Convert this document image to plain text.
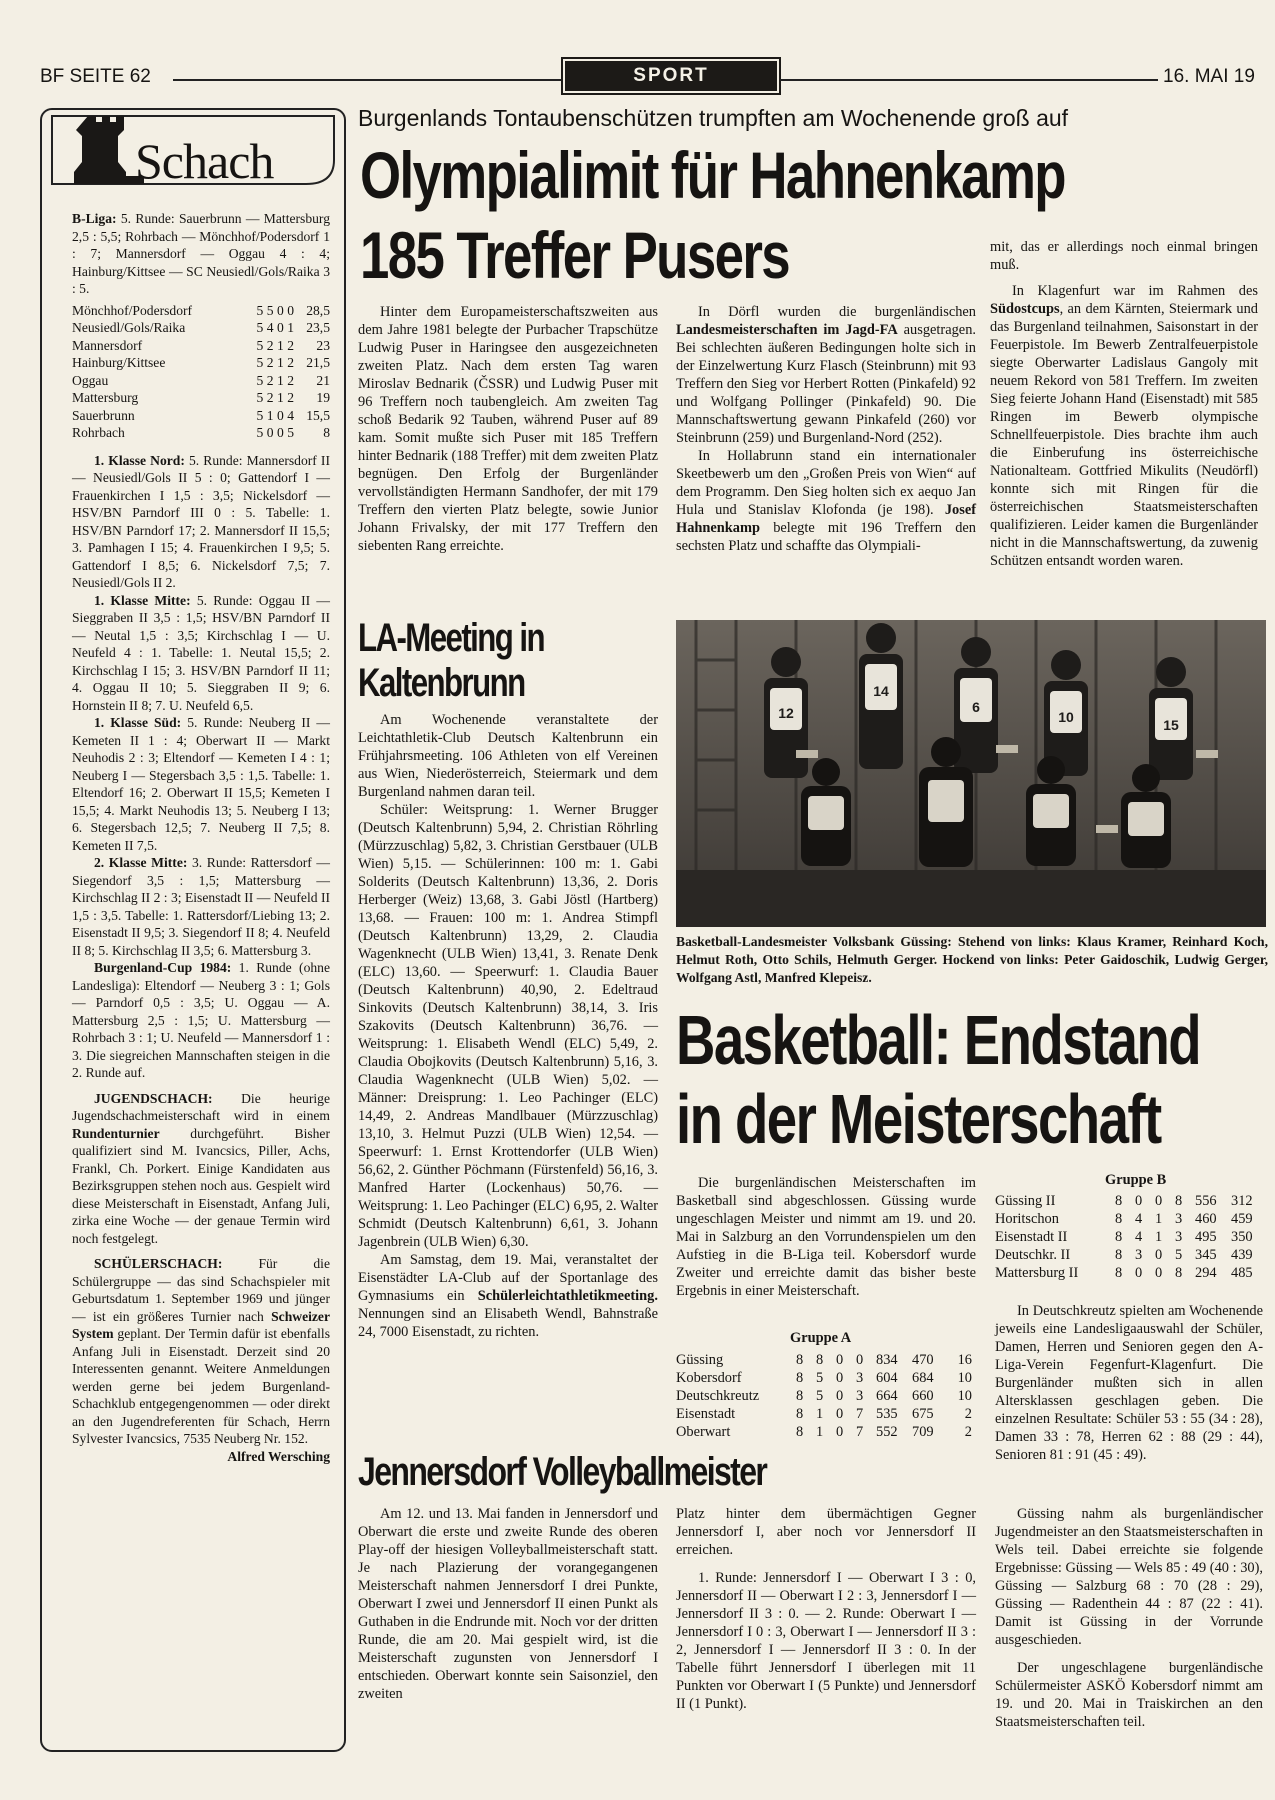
BF SEITE 62	SPORT	16. MAI 19
Schach

B-Liga: 5. Runde: Sauerbrunn — Mattersburg 2,5 : 5,5; Rohrbach — Mönchhof/Podersdorf 1 : 7; Mannersdorf — Oggau 4 : 4; Hainburg/Kittsee — SC Neusiedl/Gols/Raika 3 : 5.

Mönchhof/Podersdorf	5	5	0	0	28,5
Neusiedl/Gols/Raika	5	4	0	1	23,5
Mannersdorf	5	2	1	2	23
Hainburg/Kittsee	5	2	1	2	21,5
Oggau	5	2	1	2	21
Mattersburg	5	2	1	2	19
Sauerbrunn	5	1	0	4	15,5
Rohrbach	5	0	0	5	8

1. Klasse Nord: 5. Runde: Mannersdorf II — Neusiedl/Gols II 5 : 0; Gattendorf I — Frauenkirchen I 1,5 : 3,5; Nickelsdorf — HSV/BN Parndorf III 0 : 5. Tabelle: 1. HSV/BN Parndorf 17; 2. Mannersdorf II 15,5; 3. Pamhagen I 15; 4. Frauenkirchen I 9,5; 5. Gattendorf I 8,5; 6. Nickelsdorf 7,5; 7. Neusiedl/Gols II 2.

1. Klasse Mitte: 5. Runde: Oggau II — Sieggraben II 3,5 : 1,5; HSV/BN Parndorf II — Neutal 1,5 : 3,5; Kirchschlag I — U. Neufeld 4 : 1. Tabelle: 1. Neutal 15,5; 2. Kirchschlag I 15; 3. HSV/BN Parndorf II 11; 4. Oggau II 10; 5. Sieggraben II 9; 6. Hornstein II 8; 7. U. Neufeld 6,5.

1. Klasse Süd: 5. Runde: Neuberg II — Kemeten II 1 : 4; Oberwart II — Markt Neuhodis 2 : 3; Eltendorf — Kemeten I 4 : 1; Neuberg I — Stegersbach 3,5 : 1,5. Tabelle: 1. Eltendorf 16; 2. Oberwart II 15,5; Kemeten I 15,5; 4. Markt Neuhodis 13; 5. Neuberg I 13; 6. Stegersbach 12,5; 7. Neuberg II 7,5; 8. Kemeten II 7,5.

2. Klasse Mitte: 3. Runde: Rattersdorf — Siegendorf 3,5 : 1,5; Mattersburg — Kirchschlag II 2 : 3; Eisenstadt II — Neufeld II 1,5 : 3,5. Tabelle: 1. Rattersdorf/Liebing 13; 2. Eisenstadt II 9,5; 3. Siegendorf II 8; 4. Neufeld II 8; 5. Kirchschlag II 3,5; 6. Mattersburg 3.

Burgenland-Cup 1984: 1. Runde (ohne Landesliga): Eltendorf — Neuberg 3 : 1; Gols — Parndorf 0,5 : 3,5; U. Oggau — A. Mattersburg 2,5 : 1,5; U. Mattersburg — Rohrbach 3 : 1; U. Neufeld — Mannersdorf 1 : 3. Die siegreichen Mannschaften steigen in die 2. Runde auf.

JUGENDSCHACH: Die heurige Jugendschachmeisterschaft wird in einem Rundenturnier durchgeführt. Bisher qualifiziert sind M. Ivancsics, Piller, Achs, Frankl, Ch. Porkert. Einige Kandidaten aus Bezirksgruppen stehen noch aus. Gespielt wird diese Meisterschaft in Eisenstadt, Anfang Juli, zirka eine Woche — der genaue Termin wird noch festgelegt.

SCHÜLERSCHACH:	Für die Schülergruppe — das sind Schachspieler mit Geburtsdatum 1. September 1969 und jünger — ist ein größeres Turnier nach Schweizer System geplant. Der Termin dafür ist ebenfalls Anfang Juli in Eisenstadt. Derzeit sind 20 Interessenten genannt. Weitere Anmeldungen werden gerne bei jedem Burgenland-Schachklub entgegengenommen — oder direkt an den Jugendreferenten für Schach, Herrn Sylvester Ivancsics, 7535 Neuberg Nr. 152.

Alfred Wersching

Burgenlands Tontaubenschützen trumpften am Wochenende groß auf
Olympialimit für Hahnenkamp
185 Treffer Pusers

Hinter dem Europameisterschaftszweiten aus dem Jahre 1981 belegte der Purbacher Trapschütze Ludwig Puser in Haringsee den ausgezeichneten zweiten Platz. Nach dem ersten Tag waren Miroslav Bednarik (ČSSR) und Ludwig Puser mit 96 Treffern noch taubengleich. Am zweiten Tag schoß Bedarik 92 Tauben, während Puser auf 89 kam. Somit mußte sich Puser mit 185 Treffern hinter Bednarik (188 Treffer) mit dem zweiten Platz begnügen. Den Erfolg der Burgenländer vervollständigten Hermann Sandhofer, der mit 179 Treffern den vierten Platz belegte, sowie Junior Johann Frivalsky, der mit 177 Treffern den siebenten Rang erreichte.

In Dörfl wurden die burgenländischen Landesmeisterschaften im Jagd-FA ausgetragen. Bei schlechten äußeren Bedingungen holte sich in der Einzelwertung Kurz Flasch (Steinbrunn) mit 93 Treffern den Sieg vor Herbert Rotten (Pinkafeld) 92 und Wolfgang Pollinger (Pinkafeld) 90. Die Mannschaftswertung gewann Pinkafeld (260) vor Steinbrunn (259) und Burgenland-Nord (252).

In Hollabrunn stand ein internationaler Skeetbewerb um den „Großen Preis von Wien“ auf dem Programm. Den Sieg holten sich ex aequo Jan Hula und Stanislav Klofonda (je 198). Josef Hahnenkamp belegte mit 196 Treffern den sechsten Platz und schaffte das Olympiali-

mit, das er allerdings noch einmal bringen muß.

In Klagenfurt war im Rahmen des Südostcups, an dem Kärnten, Steiermark und das Burgenland teilnahmen, Saisonstart in der Feuerpistole. Im Bewerb Zentralfeuerpistole siegte Oberwarter Ladislaus Gangoly mit neuem Rekord von 581 Treffern. Im zweiten Sieg feierte Johann Hand (Eisenstadt) mit 585 Ringen im Bewerb olympische Schnellfeuerpistole. Dies brachte ihm auch die Einberufung ins österreichische Nationalteam. Gottfried Mikulits (Neudörfl) konnte sich mit Ringen für die österreichischen Staatsmeisterschaften qualifizieren. Leider kamen die Burgenländer nicht in die Mannschaftswertung, da zuwenig Schützen entsandt worden waren.

LA-Meeting in
Kaltenbrunn

Am Wochenende veranstaltete der Leichtathletik-Club Deutsch Kaltenbrunn ein Frühjahrsmeeting. 106 Athleten von elf Vereinen aus Wien, Niederösterreich, Steiermark und dem Burgenland nahmen daran teil.

Schüler: Weitsprung: 1. Werner Brugger (Deutsch Kaltenbrunn) 5,94, 2. Christian Röhrling (Mürzzuschlag) 5,82, 3. Christian Gerstbauer (ULB Wien) 5,15. — Schülerinnen: 100 m: 1. Gabi Solderits (Deutsch Kaltenbrunn) 13,36, 2. Doris Herberger (Weiz) 13,68, 3. Gabi Jöstl (Hartberg) 13,68. — Frauen: 100 m: 1. Andrea Stimpfl (Deutsch Kaltenbrunn) 13,29, 2. Claudia Wagenknecht (ULB Wien) 13,41, 3. Renate Denk (ELC) 13,60. — Speerwurf: 1. Claudia Bauer (Deutsch Kaltenbrunn) 40,90, 2. Edeltraud Sinkovits (Deutsch Kaltenbrunn) 38,14, 3. Iris Szakovits (Deutsch Kaltenbrunn) 36,76. — Weitsprung: 1. Elisabeth Wendl (ELC) 5,49, 2. Claudia Obojkovits (Deutsch Kaltenbrunn) 5,16, 3. Claudia Wagenknecht (ULB Wien) 5,02. — Männer: Dreisprung: 1. Leo Pachinger (ELC) 14,49, 2. Andreas Mandlbauer (Mürzzuschlag) 13,10, 3. Helmut Puzzi (ULB Wien) 12,54. — Speerwurf: 1. Ernst Krottendorfer (ULB Wien) 56,62, 2. Günther Pöchmann (Fürstenfeld) 56,16, 3. Manfred Harter (Lockenhaus) 50,76. — Weitsprung: 1. Leo Pachinger (ELC) 6,95, 2. Walter Schmidt (Deutsch Kaltenbrunn) 6,61, 3. Johann Jagenbrein (ULB Wien) 6,30.

Am Samstag, dem 19. Mai, veranstaltet der Eisenstädter LA-Club auf der Sportanlage des Gymnasiums ein Schülerleichtathletikmeeting. Nennungen sind an Elisabeth Wendl, Bahnstraße 24, 7000 Eisenstadt, zu richten.

12
14
6
10	15
Basketball-Landesmeister Volksbank Güssing: Stehend von links: Klaus Kramer, Reinhard Koch, Helmut Roth, Otto Schils, Helmuth Gerger. Hockend von links: Peter Gaidoschik, Ludwig Gerger, Wolfgang Astl, Manfred Klepeisz.
Basketball: Endstand
in der Meisterschaft

Die burgenländischen Meisterschaften im Basketball sind abgeschlossen. Güssing wurde ungeschlagen Meister und nimmt am 19. und 20. Mai in Salzburg an den Vorrundenspielen um den Aufstieg in die B-Liga teil. Kobersdorf wurde Zweiter und erreichte damit das bisher beste Ergebnis in einer Meisterschaft.

Gruppe A
Güssing	8	8	0	0	834	470	16
Kobersdorf	8	5	0	3	604	684	10
Deutschkreutz	8	5	0	3	664	660	10
Eisenstadt	8	1	0	7	535	675	2
Oberwart	8	1	0	7	552	709	2
Gruppe B
Güssing II	8	0	0	8	556	312
Horitschon	8	4	1	3	460	459
Eisenstadt II	8	4	1	3	495	350
Deutschkr. II	8	3	0	5	345	439
Mattersburg II	8	0	0	8	294	485

In Deutschkreutz spielten am Wochenende jeweils eine Landesligaauswahl der Schüler, Damen, Herren und Senioren gegen den A-Liga-Verein Fegenfurt-Klagenfurt. Die Burgenländer mußten sich in allen Altersklassen geschlagen geben. Die einzelnen Resultate: Schüler 53 : 55 (34 : 28), Damen 33 : 78, Herren 62 : 88 (29 : 44), Senioren 81 : 91 (45 : 49).

Güssing nahm als burgenländischer Jugendmeister an den Staatsmeisterschaften in Wels teil. Dabei erreichte sie folgende Ergebnisse: Güssing — Wels 85 : 49 (40 : 30), Güssing — Salzburg 68 : 70 (28 : 29), Güssing — Radenthein 44 : 87 (22 : 41). Damit ist Güssing in der Vorrunde ausgeschieden.

Der ungeschlagene burgenländische Schülermeister ASKÖ Kobersdorf nimmt am 19. und 20. Mai in Traiskirchen an den Staatsmeisterschaften teil.

Jennersdorf Volleyballmeister

Am 12. und 13. Mai fanden in Jennersdorf und Oberwart die erste und zweite Runde des oberen Play-off der hiesigen Volleyballmeisterschaft statt. Je nach Plazierung der vorangegangenen Meisterschaft nahmen Jennersdorf I drei Punkte, Oberwart I zwei und Jennersdorf II einen Punkt als Guthaben in die Endrunde mit. Noch vor der dritten Runde, die am 20. Mai gespielt wird, ist die Meisterschaft zugunsten von Jennersdorf I entschieden. Oberwart konnte sein Saisonziel, den zweiten

Platz hinter dem übermächtigen Gegner Jennersdorf I, aber noch vor Jennersdorf II erreichen.

1. Runde: Jennersdorf I — Oberwart I 3 : 0, Jennersdorf II — Oberwart I 2 : 3, Jennersdorf I — Jennersdorf II 3 : 0. — 2. Runde: Oberwart I — Jennersdorf I 0 : 3, Oberwart I — Jennersdorf II 3 : 2, Jennersdorf I — Jennersdorf II 3 : 0. In der Tabelle führt Jennersdorf I überlegen mit 11 Punkten vor Oberwart I (5 Punkte) und Jennersdorf II (1 Punkt).
